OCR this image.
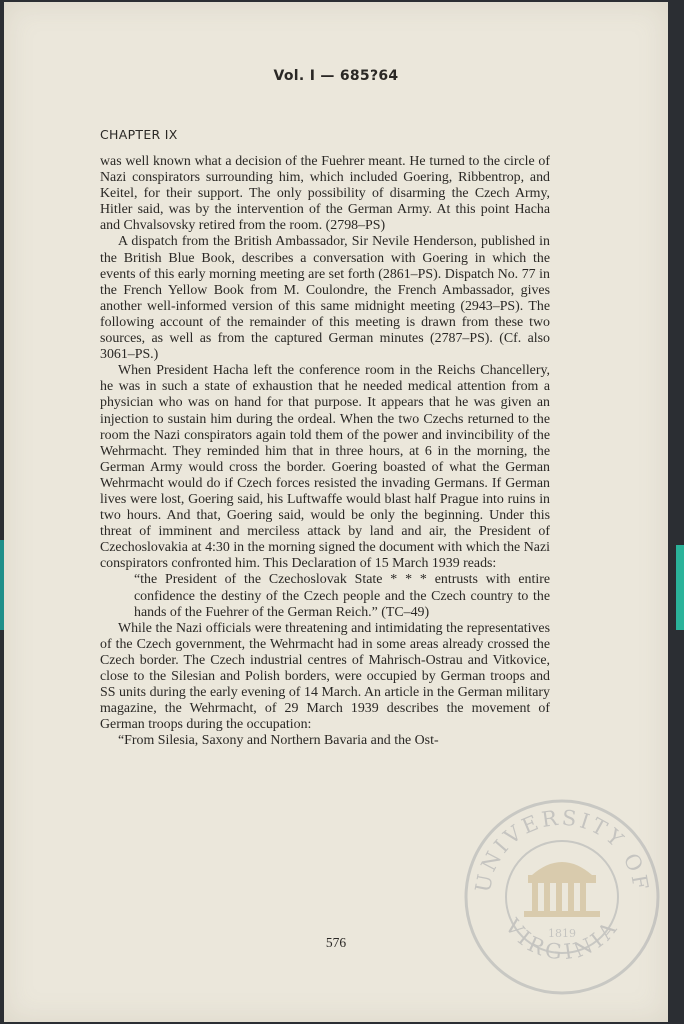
Vol. I — 685?64
CHAPTER IX

was well known what a decision of the Fuehrer meant. He turned to the circle of Nazi conspirators surrounding him, which included Goering, Ribbentrop, and Keitel, for their support. The only possibility of disarming the Czech Army, Hitler said, was by the intervention of the German Army. At this point Hacha and Chvalsovsky retired from the room. (2798–PS)

A dispatch from the British Ambassador, Sir Nevile Henderson, published in the British Blue Book, describes a conversation with Goering in which the events of this early morning meeting are set forth (2861–PS). Dispatch No. 77 in the French Yellow Book from M. Coulondre, the French Ambassador, gives another well-informed version of this same midnight meeting (2943–PS). The following account of the remainder of this meeting is drawn from these two sources, as well as from the captured German minutes (2787–PS). (Cf. also 3061–PS.)

When President Hacha left the conference room in the Reichs Chancellery, he was in such a state of exhaustion that he needed medical attention from a physician who was on hand for that purpose. It appears that he was given an injection to sustain him during the ordeal. When the two Czechs returned to the room the Nazi conspirators again told them of the power and invincibility of the Wehrmacht. They reminded him that in three hours, at 6 in the morning, the German Army would cross the border. Goering boasted of what the German Wehrmacht would do if Czech forces resisted the invading Germans. If German lives were lost, Goering said, his Luftwaffe would blast half Prague into ruins in two hours. And that, Goering said, would be only the beginning. Under this threat of imminent and merciless attack by land and air, the President of Czechoslovakia at 4:30 in the morning signed the document with which the Nazi conspirators confronted him. This Declaration of 15 March 1939 reads:

“the President of the Czechoslovak State * * * entrusts with entire confidence the destiny of the Czech people and the Czech country to the hands of the Fuehrer of the German Reich.” (TC–49)

While the Nazi officials were threatening and intimidating the representatives of the Czech government, the Wehrmacht had in some areas already crossed the Czech border. The Czech industrial centres of Mahrisch-Ostrau and Vitkovice, close to the Silesian and Polish borders, were occupied by German troops and SS units during the early evening of 14 March. An article in the German military magazine, the Wehrmacht, of 29 March 1939 describes the movement of German troops during the occupation:

“From Silesia, Saxony and Northern Bavaria and the Ost-

576
UNIVERSITY OF
VIRGINIA
1819
